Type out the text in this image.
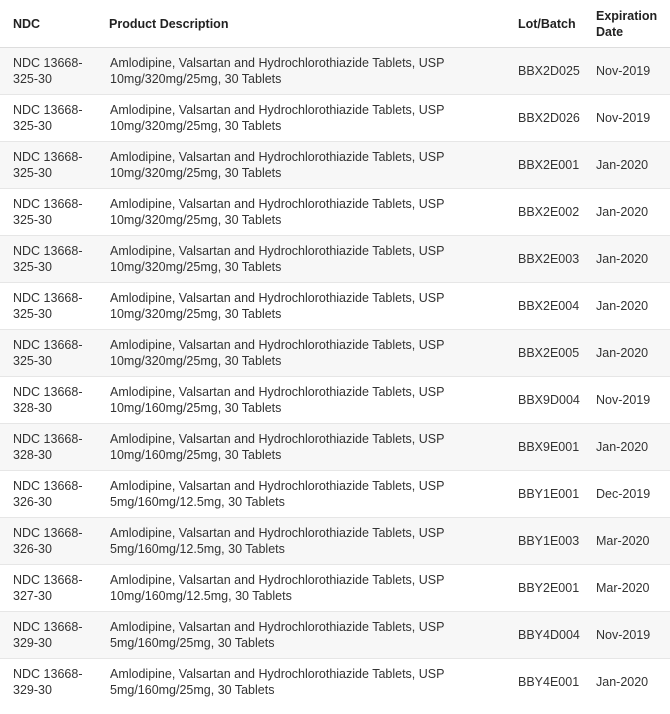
NDC	Product Description	Lot/Batch	Expiration Date
NDC 13668-325-30	Amlodipine, Valsartan and Hydrochlorothiazide Tablets, USP 10mg/320mg/25mg, 30 Tablets	BBX2D025	Nov-2019
NDC 13668-325-30	Amlodipine, Valsartan and Hydrochlorothiazide Tablets, USP 10mg/320mg/25mg, 30 Tablets	BBX2D026	Nov-2019
NDC 13668-325-30	Amlodipine, Valsartan and Hydrochlorothiazide Tablets, USP 10mg/320mg/25mg, 30 Tablets	BBX2E001	Jan-2020
NDC 13668-325-30	Amlodipine, Valsartan and Hydrochlorothiazide Tablets, USP 10mg/320mg/25mg, 30 Tablets	BBX2E002	Jan-2020
NDC 13668-325-30	Amlodipine, Valsartan and Hydrochlorothiazide Tablets, USP 10mg/320mg/25mg, 30 Tablets	BBX2E003	Jan-2020
NDC 13668-325-30	Amlodipine, Valsartan and Hydrochlorothiazide Tablets, USP 10mg/320mg/25mg, 30 Tablets	BBX2E004	Jan-2020
NDC 13668-325-30	Amlodipine, Valsartan and Hydrochlorothiazide Tablets, USP 10mg/320mg/25mg, 30 Tablets	BBX2E005	Jan-2020
NDC 13668-328-30	Amlodipine, Valsartan and Hydrochlorothiazide Tablets, USP 10mg/160mg/25mg, 30 Tablets	BBX9D004	Nov-2019
NDC 13668-328-30	Amlodipine, Valsartan and Hydrochlorothiazide Tablets, USP 10mg/160mg/25mg, 30 Tablets	BBX9E001	Jan-2020
NDC 13668-326-30	Amlodipine, Valsartan and Hydrochlorothiazide Tablets, USP 5mg/160mg/12.5mg, 30 Tablets	BBY1E001	Dec-2019
NDC 13668-326-30	Amlodipine, Valsartan and Hydrochlorothiazide Tablets, USP 5mg/160mg/12.5mg, 30 Tablets	BBY1E003	Mar-2020
NDC 13668-327-30	Amlodipine, Valsartan and Hydrochlorothiazide Tablets, USP 10mg/160mg/12.5mg, 30 Tablets	BBY2E001	Mar-2020
NDC 13668-329-30	Amlodipine, Valsartan and Hydrochlorothiazide Tablets, USP 5mg/160mg/25mg, 30 Tablets	BBY4D004	Nov-2019
NDC 13668-329-30	Amlodipine, Valsartan and Hydrochlorothiazide Tablets, USP 5mg/160mg/25mg, 30 Tablets	BBY4E001	Jan-2020
